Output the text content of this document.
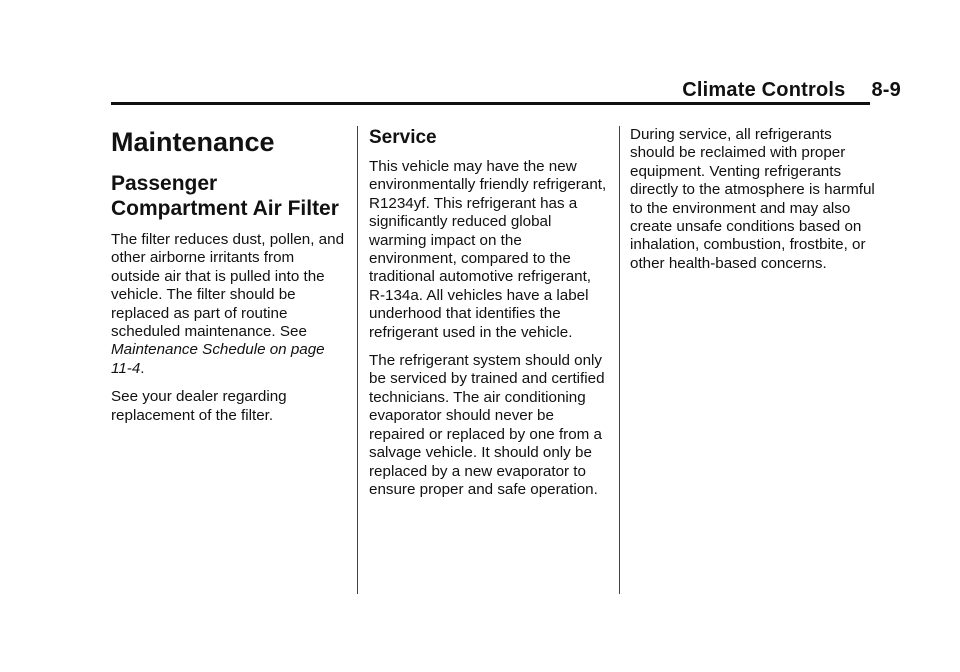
Climate Controls 8-9
Maintenance
Passenger Compartment Air Filter

The filter reduces dust, pollen, and other airborne irritants from outside air that is pulled into the vehicle. The filter should be replaced as part of routine scheduled maintenance. See Maintenance Schedule on page 11-4.

See your dealer regarding replacement of the filter.

Service

This vehicle may have the new environmentally friendly refrigerant, R1234yf. This refrigerant has a significantly reduced global warming impact on the environment, compared to the traditional automotive refrigerant, R-134a. All vehicles have a label underhood that identifies the refrigerant used in the vehicle.

The refrigerant system should only be serviced by trained and certified technicians. The air conditioning evaporator should never be repaired or replaced by one from a salvage vehicle. It should only be replaced by a new evaporator to ensure proper and safe operation.

During service, all refrigerants should be reclaimed with proper equipment. Venting refrigerants directly to the atmosphere is harmful to the environment and may also create unsafe conditions based on inhalation, combustion, frostbite, or other health-based concerns.
